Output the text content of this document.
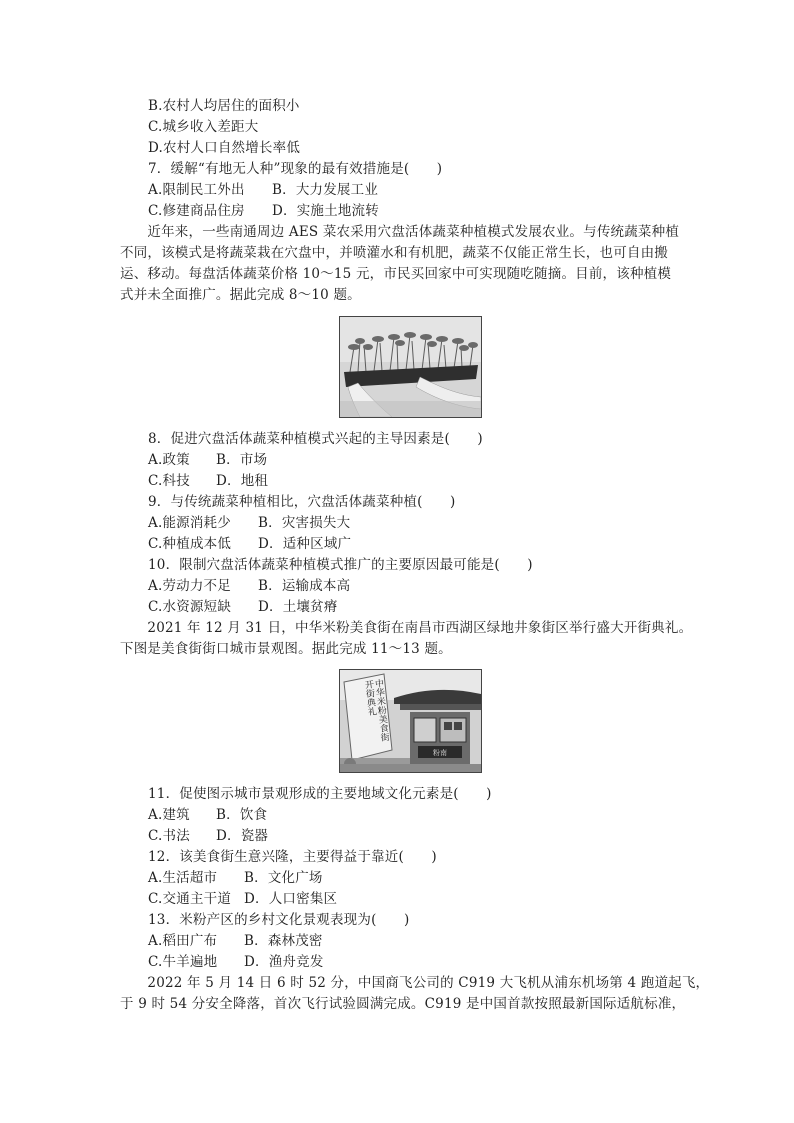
B.农村人均居住的面积小
C.城乡收入差距大
D.农村人口自然增长率低
7．缓解“有地无人种”现象的最有效措施是(　　)
A.限制民工外出 B．大力发展工业
C.修建商品住房 D．实施土地流转
　　近年来，一些南通周边 AES 菜农采用穴盘活体蔬菜种植模式发展农业。与传统蔬菜种植
不同，该模式是将蔬菜栽在穴盘中，并喷灌水和有机肥，蔬菜不仅能正常生长，也可自由搬
运、移动。每盘活体蔬菜价格 10～15 元，市民买回家中可实现随吃随摘。目前，该种植模
式并未全面推广。据此完成 8～10 题。
8．促进穴盘活体蔬菜种植模式兴起的主导因素是(　　)
A.政策 B．市场
C.科技 D．地租
9．与传统蔬菜种植相比，穴盘活体蔬菜种植(　　)
A.能源消耗少 B．灾害损失大
C.种植成本低 D．适种区域广
10．限制穴盘活体蔬菜种植模式推广的主要原因最可能是(　　)
A.劳动力不足 B．运输成本高
C.水资源短缺 D．土壤贫瘠
　　2021 年 12 月 31 日，中华米粉美食街在南昌市西湖区绿地井象街区举行盛大开街典礼。
下图是美食街街口城市景观图。据此完成 11～13 题。
粉南
中华米粉美食街开街典礼
11．促使图示城市景观形成的主要地域文化元素是(　　)
A.建筑 B．饮食
C.书法 D．瓷器
12．该美食街生意兴隆，主要得益于靠近(　　)
A.生活超市 B．文化广场
C.交通主干道 D．人口密集区
13．米粉产区的乡村文化景观表现为(　　)
A.稻田广布 B．森林茂密
C.牛羊遍地 D．渔舟竞发
　　2022 年 5 月 14 日 6 时 52 分，中国商飞公司的 C919 大飞机从浦东机场第 4 跑道起飞，
于 9 时 54 分安全降落，首次飞行试验圆满完成。C919 是中国首款按照最新国际适航标准，
